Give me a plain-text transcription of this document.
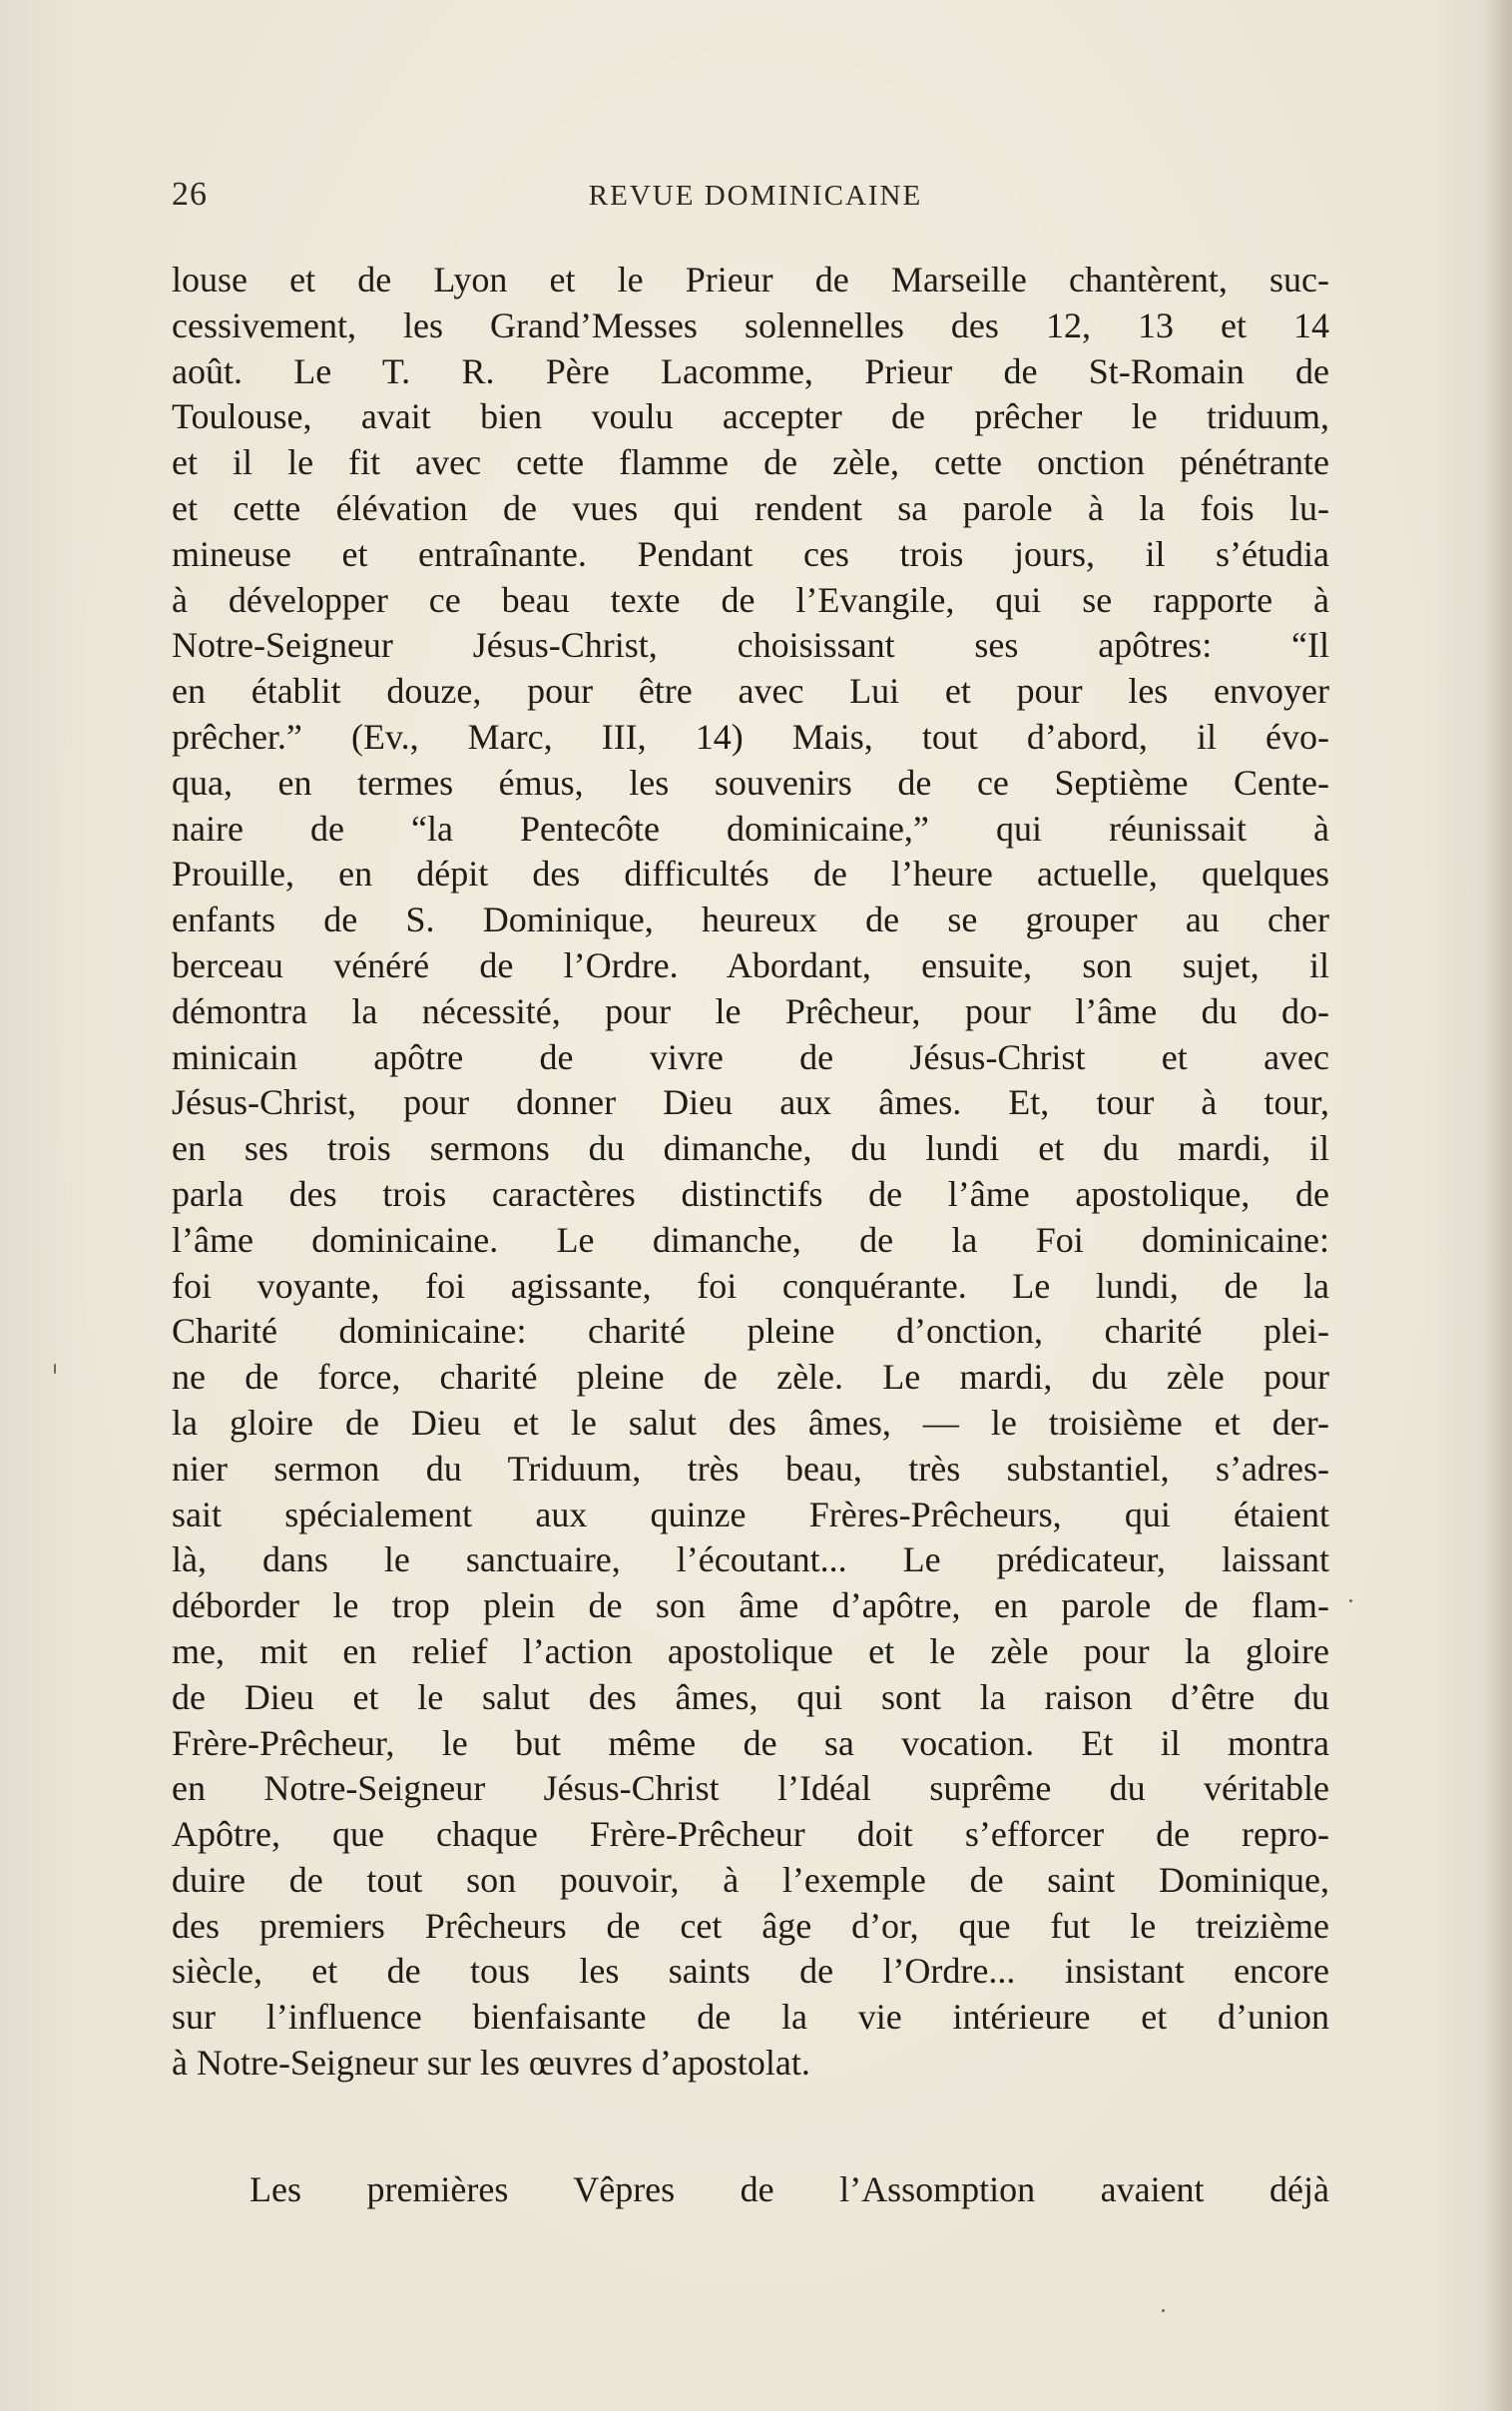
26	REVUE DOMINICAINE
louse et de Lyon et le Prieur de Marseille chantèrent, suc-
cessivement, les Grand’Messes solennelles des 12, 13 et 14
août. Le T. R. Père Lacomme, Prieur de St-Romain de
Toulouse, avait bien voulu accepter de prêcher le triduum,
et il le fit avec cette flamme de zèle, cette onction pénétrante
et cette élévation de vues qui rendent sa parole à la fois lu-
mineuse et entraînante. Pendant ces trois jours, il s’étudia
à développer ce beau texte de l’Evangile, qui se rapporte à
Notre-Seigneur Jésus-Christ, choisissant ses apôtres: “Il
en établit douze, pour être avec Lui et pour les envoyer
prêcher.” (Ev., Marc, III, 14) Mais, tout d’abord, il évo-
qua, en termes émus, les souvenirs de ce Septième Cente-
naire de “la Pentecôte dominicaine,” qui réunissait à
Prouille, en dépit des difficultés de l’heure actuelle, quelques
enfants de S. Dominique, heureux de se grouper au cher
berceau vénéré de l’Ordre. Abordant, ensuite, son sujet, il
démontra la nécessité, pour le Prêcheur, pour l’âme du do-
minicain apôtre de vivre de Jésus-Christ et avec
Jésus-Christ, pour donner Dieu aux âmes. Et, tour à tour,
en ses trois sermons du dimanche, du lundi et du mardi, il
parla des trois caractères distinctifs de l’âme apostolique, de
l’âme dominicaine. Le dimanche, de la Foi dominicaine:
foi voyante, foi agissante, foi conquérante. Le lundi, de la
Charité dominicaine: charité pleine d’onction, charité plei-
ne de force, charité pleine de zèle. Le mardi, du zèle pour
la gloire de Dieu et le salut des âmes, — le troisième et der-
nier sermon du Triduum, très beau, très substantiel, s’adres-
sait spécialement aux quinze Frères-Prêcheurs, qui étaient
là, dans le sanctuaire, l’écoutant... Le prédicateur, laissant
déborder le trop plein de son âme d’apôtre, en parole de flam-
me, mit en relief l’action apostolique et le zèle pour la gloire
de Dieu et le salut des âmes, qui sont la raison d’être du
Frère-Prêcheur, le but même de sa vocation. Et il montra
en Notre-Seigneur Jésus-Christ l’Idéal suprême du véritable
Apôtre, que chaque Frère-Prêcheur doit s’efforcer de repro-
duire de tout son pouvoir, à l’exemple de saint Dominique,
des premiers Prêcheurs de cet âge d’or, que fut le treizième
siècle, et de tous les saints de l’Ordre... insistant encore
sur l’influence bienfaisante de la vie intérieure et d’union
à Notre-Seigneur sur les œuvres d’apostolat.
Les premières Vêpres de l’Assomption avaient déjà
